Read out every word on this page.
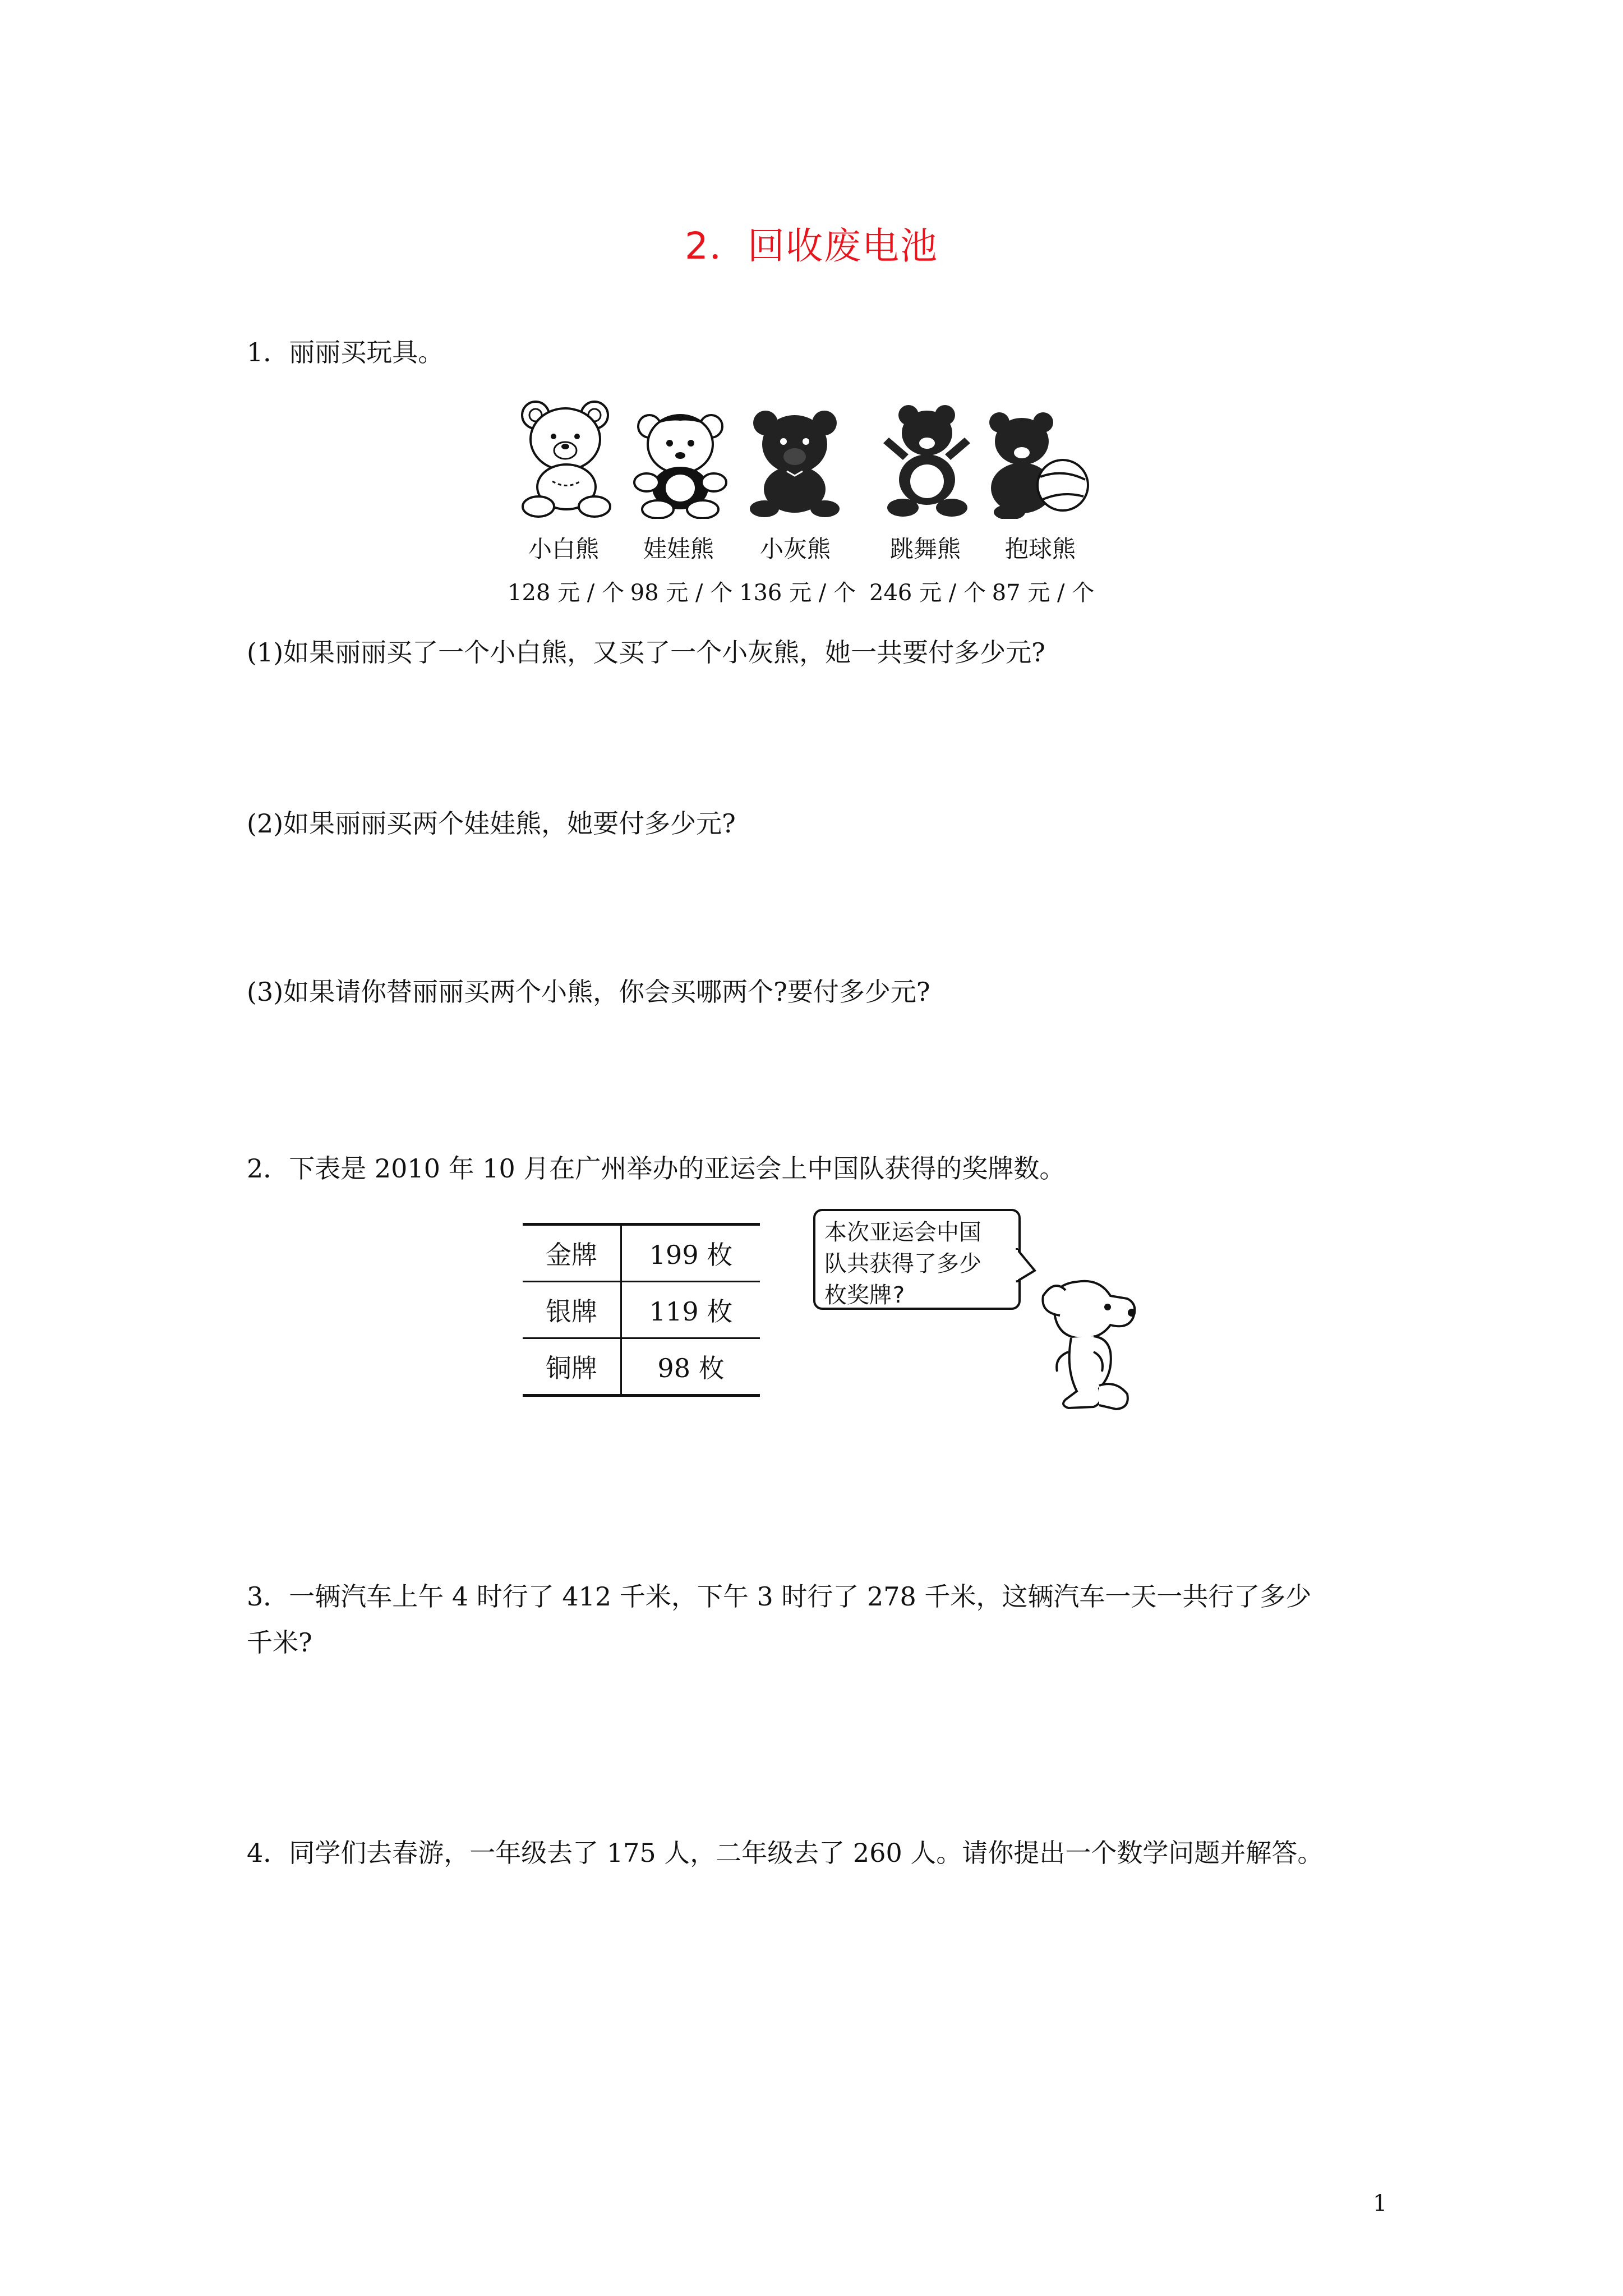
2．回收废电池
1．丽丽买玩具。
小白熊 娃娃熊 小灰熊	跳舞熊 抱球熊
128 元 / 个 98 元 / 个 136 元 / 个 246 元 / 个 87 元 / 个
(1)如果丽丽买了一个小白熊，又买了一个小灰熊，她一共要付多少元?
(2)如果丽丽买两个娃娃熊，她要付多少元?
(3)如果请你替丽丽买两个小熊，你会买哪两个?要付多少元?
2．下表是 2010 年 10 月在广州举办的亚运会上中国队获得的奖牌数。
金牌	199 枚
银牌	119 枚
铜牌	98 枚
本次亚运会中国
队共获得了多少
枚奖牌?
3．一辆汽车上午 4 时行了 412 千米，下午 3 时行了 278 千米，这辆汽车一天一共行了多少
千米?
4．同学们去春游，一年级去了 175 人，二年级去了 260 人。请你提出一个数学问题并解答。
1
